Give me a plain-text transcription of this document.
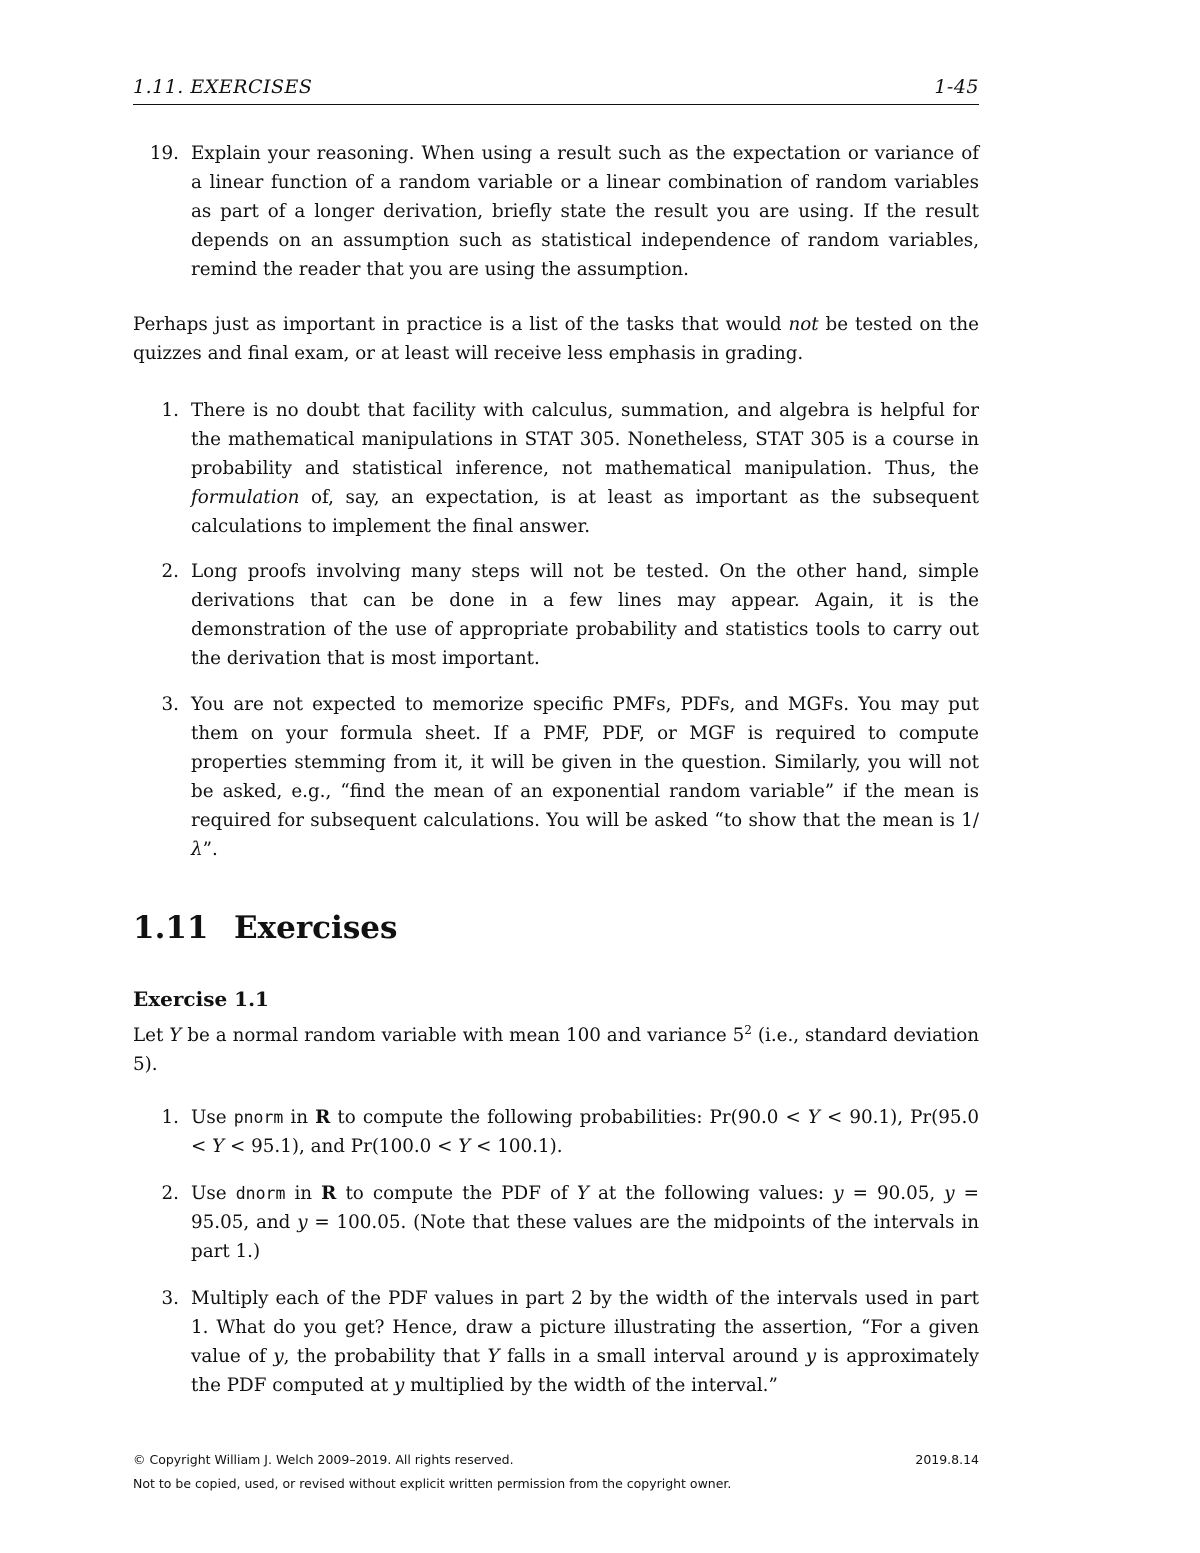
1.11. EXERCISES	1-45
19. Explain your reasoning. When using a result such as the expectation or variance of a linear function of a random variable or a linear combination of random variables as part of a longer derivation, briefly state the result you are using. If the result depends on an assumption such as statistical independence of random variables, remind the reader that you are using the assumption.

Perhaps just as important in practice is a list of the tasks that would not be tested on the quizzes and final exam, or at least will receive less emphasis in grading.

1. There is no doubt that facility with calculus, summation, and algebra is helpful for the mathematical manipulations in STAT 305. Nonetheless, STAT 305 is a course in probability and statistical inference, not mathematical manipulation. Thus, the formulation of, say, an expectation, is at least as important as the subsequent calculations to implement the final answer.
2. Long proofs involving many steps will not be tested. On the other hand, simple derivations that can be done in a few lines may appear. Again, it is the demonstration of the use of appropriate probability and statistics tools to carry out the derivation that is most important.
3. You are not expected to memorize specific PMFs, PDFs, and MGFs. You may put them on your formula sheet. If a PMF, PDF, or MGF is required to compute properties stemming from it, it will be given in the question. Similarly, you will not be asked, e.g., “find the mean of an exponential random variable” if the mean is required for subsequent calculations. You will be asked “to show that the mean is 1/λ”.
1.11 Exercises
Exercise 1.1

Let Y be a normal random variable with mean 100 and variance $5^2$ (i.e., standard deviation 5).

1. Use pnorm in R to compute the following probabilities: Pr(90.0 < Y < 90.1), Pr(95.0 < Y < 95.1), and Pr(100.0 < Y < 100.1).
2. Use dnorm in R to compute the PDF of Y at the following values: y = 90.05, y = 95.05, and y = 100.05. (Note that these values are the midpoints of the intervals in part 1.)
3. Multiply each of the PDF values in part 2 by the width of the intervals used in part 1. What do you get? Hence, draw a picture illustrating the assertion, “For a given value of y, the probability that Y falls in a small interval around y is approximately the PDF computed at y multiplied by the width of the interval.”
© Copyright William J. Welch 2009–2019. All rights reserved.	2019.8.14
Not to be copied, used, or revised without explicit written permission from the copyright owner.
